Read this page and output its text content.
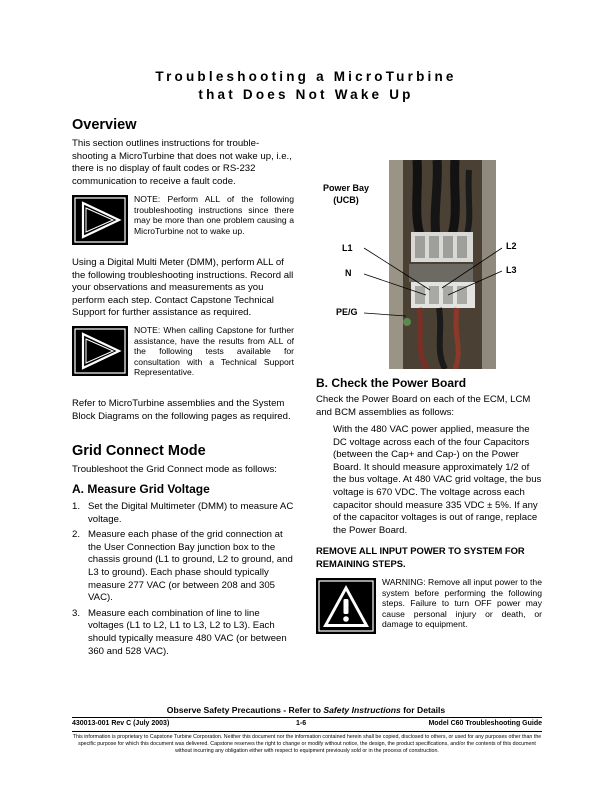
Troubleshooting a MicroTurbine
that Does Not Wake Up
Overview

This section outlines instructions for trouble-shooting a MicroTurbine that does not wake up, i.e., there is no display of fault codes or RS-232 communication to receive a fault code.

NOTE: Perform ALL of the following troubleshooting instructions since there may be more than one problem causing a MicroTurbine not to wake up.

Using a Digital Multi Meter (DMM), perform ALL of the following troubleshooting instructions. Record all your observations and measurements as you perform each step. Contact Capstone Technical Support for further assistance as required.

NOTE: When calling Capstone for further assistance, have the results from ALL of the following tests available for consultation with a Technical Support Representative.

Refer to MicroTurbine assemblies and the System Block Diagrams on the following pages as required.

Grid Connect Mode

Troubleshoot the Grid Connect mode as follows:

A. Measure Grid Voltage
1. Set the Digital Multimeter (DMM) to measure AC voltage.
2. Measure each phase of the grid connection at the User Connection Bay junction box to the chassis ground (L1 to ground, L2 to ground, and L3 to ground). Each phase should typically measure 277 VAC (or between 208 and 305 VAC).
3. Measure each combination of line to line voltages (L1 to L2, L1 to L3, L2 to L3). Each should typically measure 480 VAC (or between 360 and 528 VAC).
Power Bay
(UCB)
L1
N
PE/G
L2
L3
B. Check the Power Board

Check the Power Board on each of the ECM, LCM and BCM assemblies as follows:

With the 480 VAC power applied, measure the DC voltage across each of the four Capacitors (between the Cap+ and Cap-) on the Power Board. It should measure approximately 1/2 of the bus voltage. At 480 VAC grid voltage, the bus voltage is 670 VDC. The voltage across each capacitor should measure 335 VDC ± 5%. If any of the capacitor voltages is out of range, replace the Power Board.

REMOVE ALL INPUT POWER TO SYSTEM FOR REMAINING STEPS.

WARNING: Remove all input power to the system before performing the following steps. Failure to turn OFF power may cause personal injury or death, or damage to equipment.

Observe Safety Precautions - Refer to Safety Instructions for Details
430013-001 Rev C (July 2003)	1-6	Model C60 Troubleshooting Guide

This information is proprietary to Capstone Turbine Corporation. Neither this document nor the information contained herein shall be copied, disclosed to others, or used for any purposes other than the specific purpose for which this document was delivered. Capstone reserves the right to change or modify without notice, the design, the product specifications, and/or the contents of this document without incurring any obligation either with respect to equipment previously sold or in the process of construction.
